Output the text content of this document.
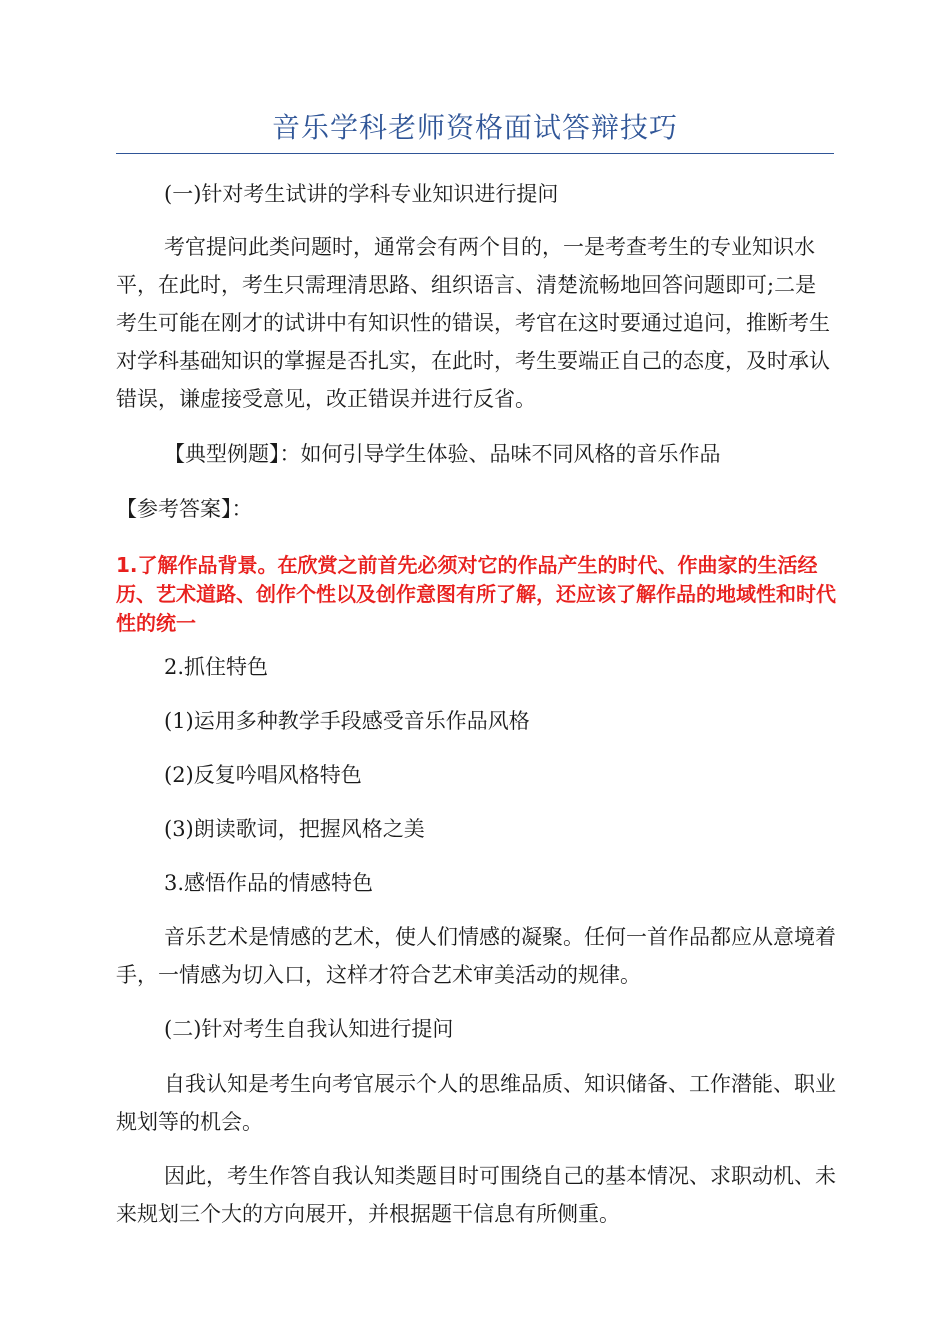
音乐学科老师资格面试答辩技巧
(一)针对考生试讲的学科专业知识进行提问
考官提问此类问题时，通常会有两个目的，一是考查考生的专业知识水平，在此时，考生只需理清思路、组织语言、清楚流畅地回答问题即可;二是考生可能在刚才的试讲中有知识性的错误，考官在这时要通过追问，推断考生对学科基础知识的掌握是否扎实，在此时，考生要端正自己的态度，及时承认错误，谦虚接受意见，改正错误并进行反省。
【典型例题】：如何引导学生体验、品味不同风格的音乐作品
【参考答案】：
1.了解作品背景。在欣赏之前首先必须对它的作品产生的时代、作曲家的生活经历、艺术道路、创作个性以及创作意图有所了解，还应该了解作品的地域性和时代性的统一
2.抓住特色
(1)运用多种教学手段感受音乐作品风格
(2)反复吟唱风格特色
(3)朗读歌词，把握风格之美
3.感悟作品的情感特色
音乐艺术是情感的艺术，使人们情感的凝聚。任何一首作品都应从意境着手，一情感为切入口，这样才符合艺术审美活动的规律。
(二)针对考生自我认知进行提问
自我认知是考生向考官展示个人的思维品质、知识储备、工作潜能、职业规划等的机会。
因此，考生作答自我认知类题目时可围绕自己的基本情况、求职动机、未来规划三个大的方向展开，并根据题干信息有所侧重。
